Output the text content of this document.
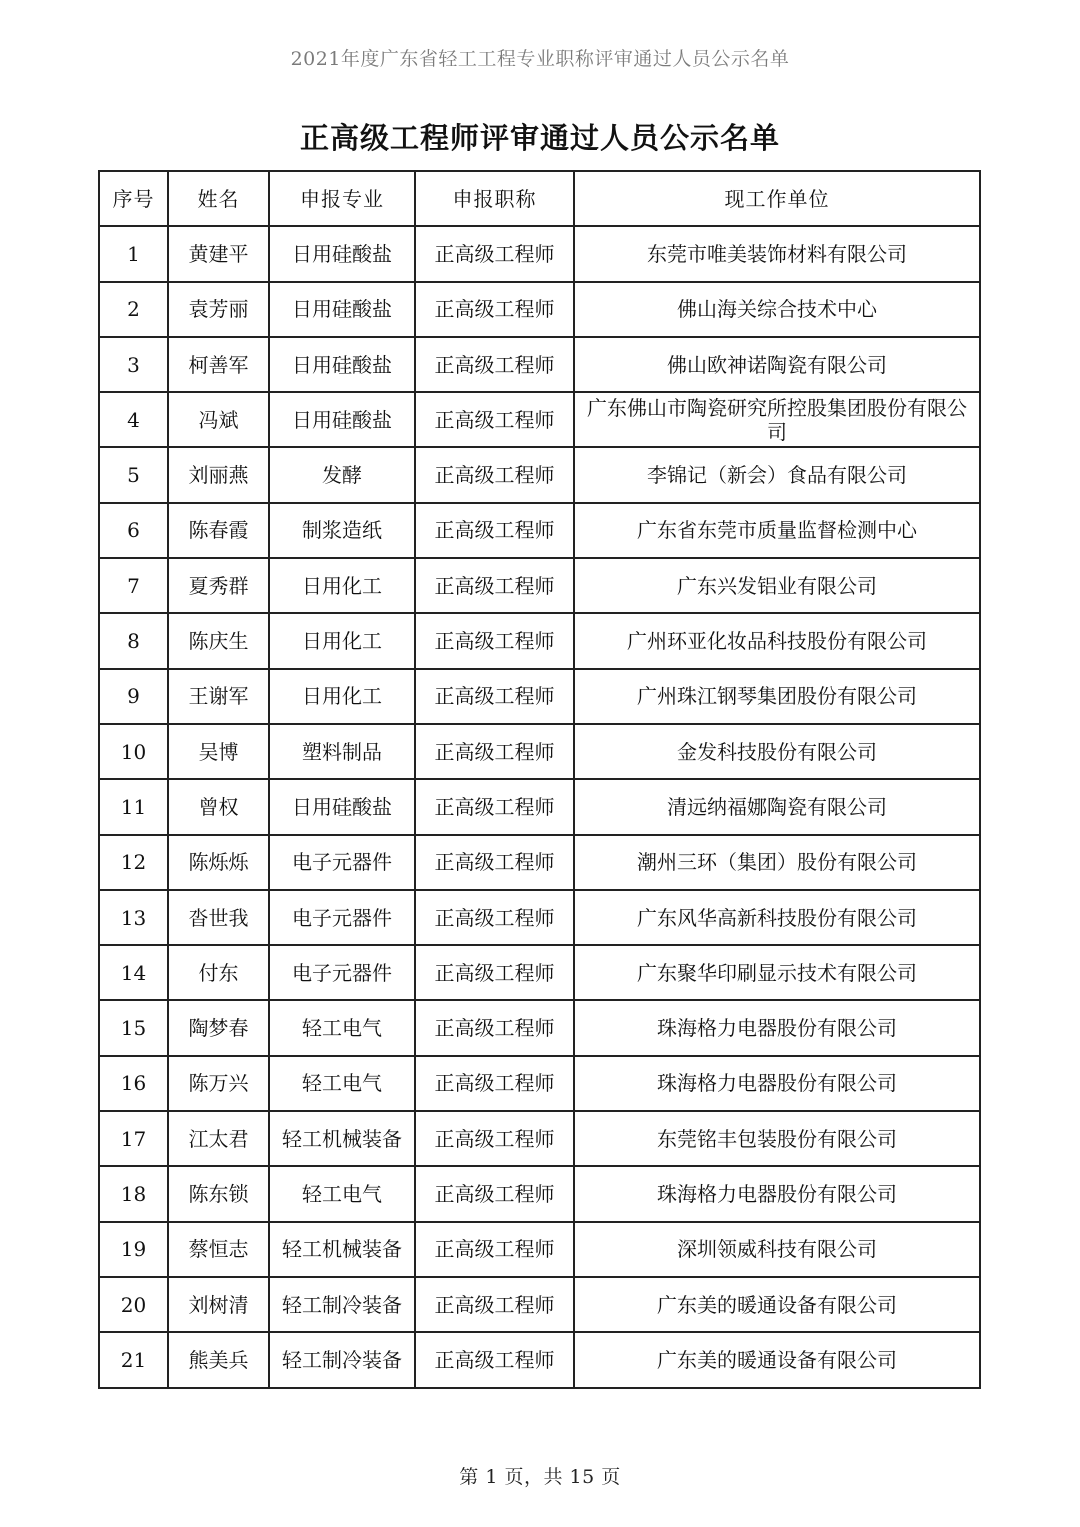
2021年度广东省轻工工程专业职称评审通过人员公示名单
正高级工程师评审通过人员公示名单
序号	姓名	申报专业	申报职称	现工作单位
1	黄建平	日用硅酸盐	正高级工程师	东莞市唯美装饰材料有限公司
2	袁芳丽	日用硅酸盐	正高级工程师	佛山海关综合技术中心
3	柯善军	日用硅酸盐	正高级工程师	佛山欧神诺陶瓷有限公司
4	冯斌	日用硅酸盐	正高级工程师	广东佛山市陶瓷研究所控股集团股份有限公司
5	刘丽燕	发酵	正高级工程师	李锦记（新会）食品有限公司
6	陈春霞	制浆造纸	正高级工程师	广东省东莞市质量监督检测中心
7	夏秀群	日用化工	正高级工程师	广东兴发铝业有限公司
8	陈庆生	日用化工	正高级工程师	广州环亚化妆品科技股份有限公司
9	王谢军	日用化工	正高级工程师	广州珠江钢琴集团股份有限公司
10	吴博	塑料制品	正高级工程师	金发科技股份有限公司
11	曾权	日用硅酸盐	正高级工程师	清远纳福娜陶瓷有限公司
12	陈烁烁	电子元器件	正高级工程师	潮州三环（集团）股份有限公司
13	沓世我	电子元器件	正高级工程师	广东风华高新科技股份有限公司
14	付东	电子元器件	正高级工程师	广东聚华印刷显示技术有限公司
15	陶梦春	轻工电气	正高级工程师	珠海格力电器股份有限公司
16	陈万兴	轻工电气	正高级工程师	珠海格力电器股份有限公司
17	江太君	轻工机械装备	正高级工程师	东莞铭丰包装股份有限公司
18	陈东锁	轻工电气	正高级工程师	珠海格力电器股份有限公司
19	蔡恒志	轻工机械装备	正高级工程师	深圳领威科技有限公司
20	刘树清	轻工制冷装备	正高级工程师	广东美的暖通设备有限公司
21	熊美兵	轻工制冷装备	正高级工程师	广东美的暖通设备有限公司
第 1 页，共 15 页
